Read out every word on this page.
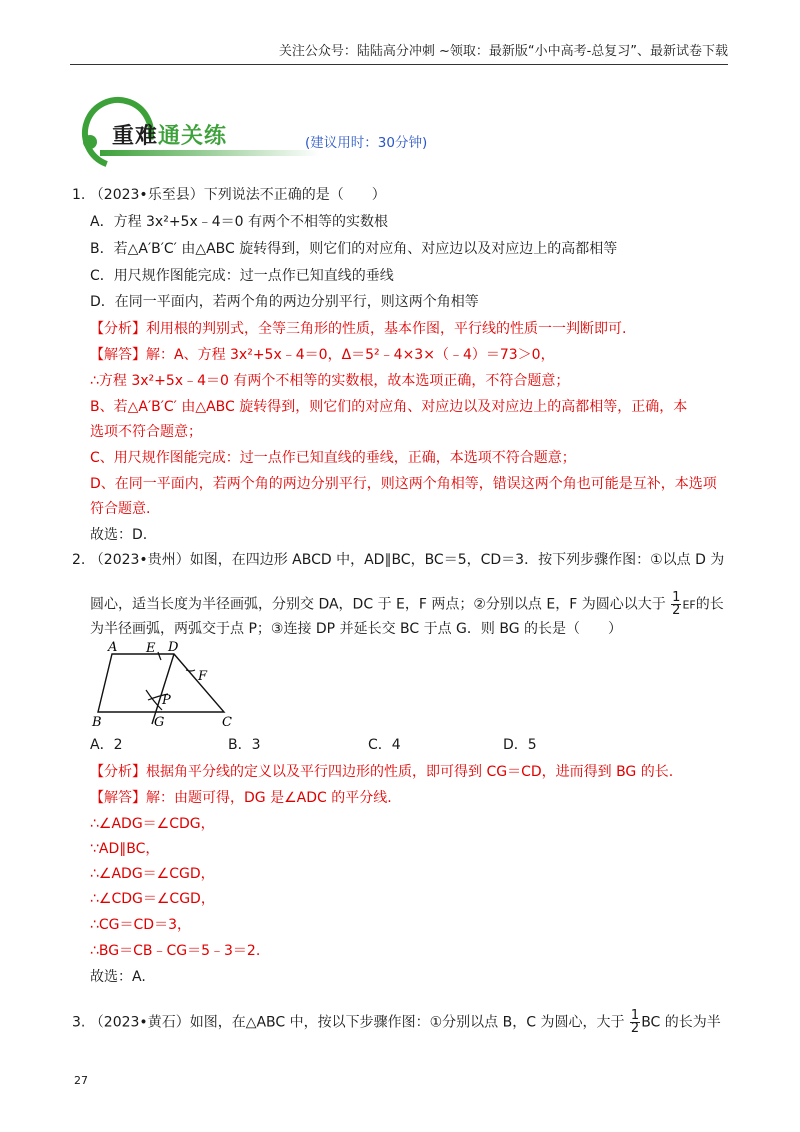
关注公众号：陆陆高分冲刺 ~领取：最新版“小中高考-总复习”、最新试卷下载
重难通关练	(建议用时：30分钟)
1. （2023•乐至县）下列说法不正确的是（　　）
A．方程 3x²+5x﹣4＝0 有两个不相等的实数根
B．若△A′B′C′ 由△ABC 旋转得到，则它们的对应角、对应边以及对应边上的高都相等
C．用尺规作图能完成：过一点作已知直线的垂线
D．在同一平面内，若两个角的两边分别平行，则这两个角相等
【分析】利用根的判别式，全等三角形的性质，基本作图，平行线的性质一一判断即可.
【解答】解：A、方程 3x²+5x﹣4＝0，Δ＝5²﹣4×3×（﹣4）＝73＞0，
∴方程 3x²+5x﹣4＝0 有两个不相等的实数根，故本选项正确，不符合题意；
B、若△A′B′C′ 由△ABC 旋转得到，则它们的对应角、对应边以及对应边上的高都相等，正确，本
选项不符合题意；
C、用尺规作图能完成：过一点作已知直线的垂线，正确，本选项不符合题意；
D、在同一平面内，若两个角的两边分别平行，则这两个角相等，错误这两个角也可能是互补，本选项
符合题意.
故选：D.
2. （2023•贵州）如图，在四边形 ABCD 中，AD∥BC，BC＝5，CD＝3．按下列步骤作图：①以点 D 为
圆心，适当长度为半径画弧，分别交 DA，DC 于 E，F 两点；②分别以点 E，F 为圆心以大于 $\frac{1}{2}$ EF的长
为半径画弧，两弧交于点 P；③连接 DP 并延长交 BC 于点 G．则 BG 的长是（　　）
A E D
F
P
B	G	C
A．2	B．3	C．4	D．5
【分析】根据角平分线的定义以及平行四边形的性质，即可得到 CG＝CD，进而得到 BG 的长.
【解答】解：由题可得，DG 是∠ADC 的平分线.
∴∠ADG＝∠CDG，
∵AD∥BC，
∴∠ADG＝∠CGD，
∴∠CDG＝∠CGD，
∴CG＝CD＝3，
∴BG＝CB﹣CG＝5﹣3＝2.
故选：A.
3. （2023•黄石）如图，在△ABC 中，按以下步骤作图：①分别以点 B，C 为圆心，大于 $\frac{1}{2}$ BC 的长为半
27
